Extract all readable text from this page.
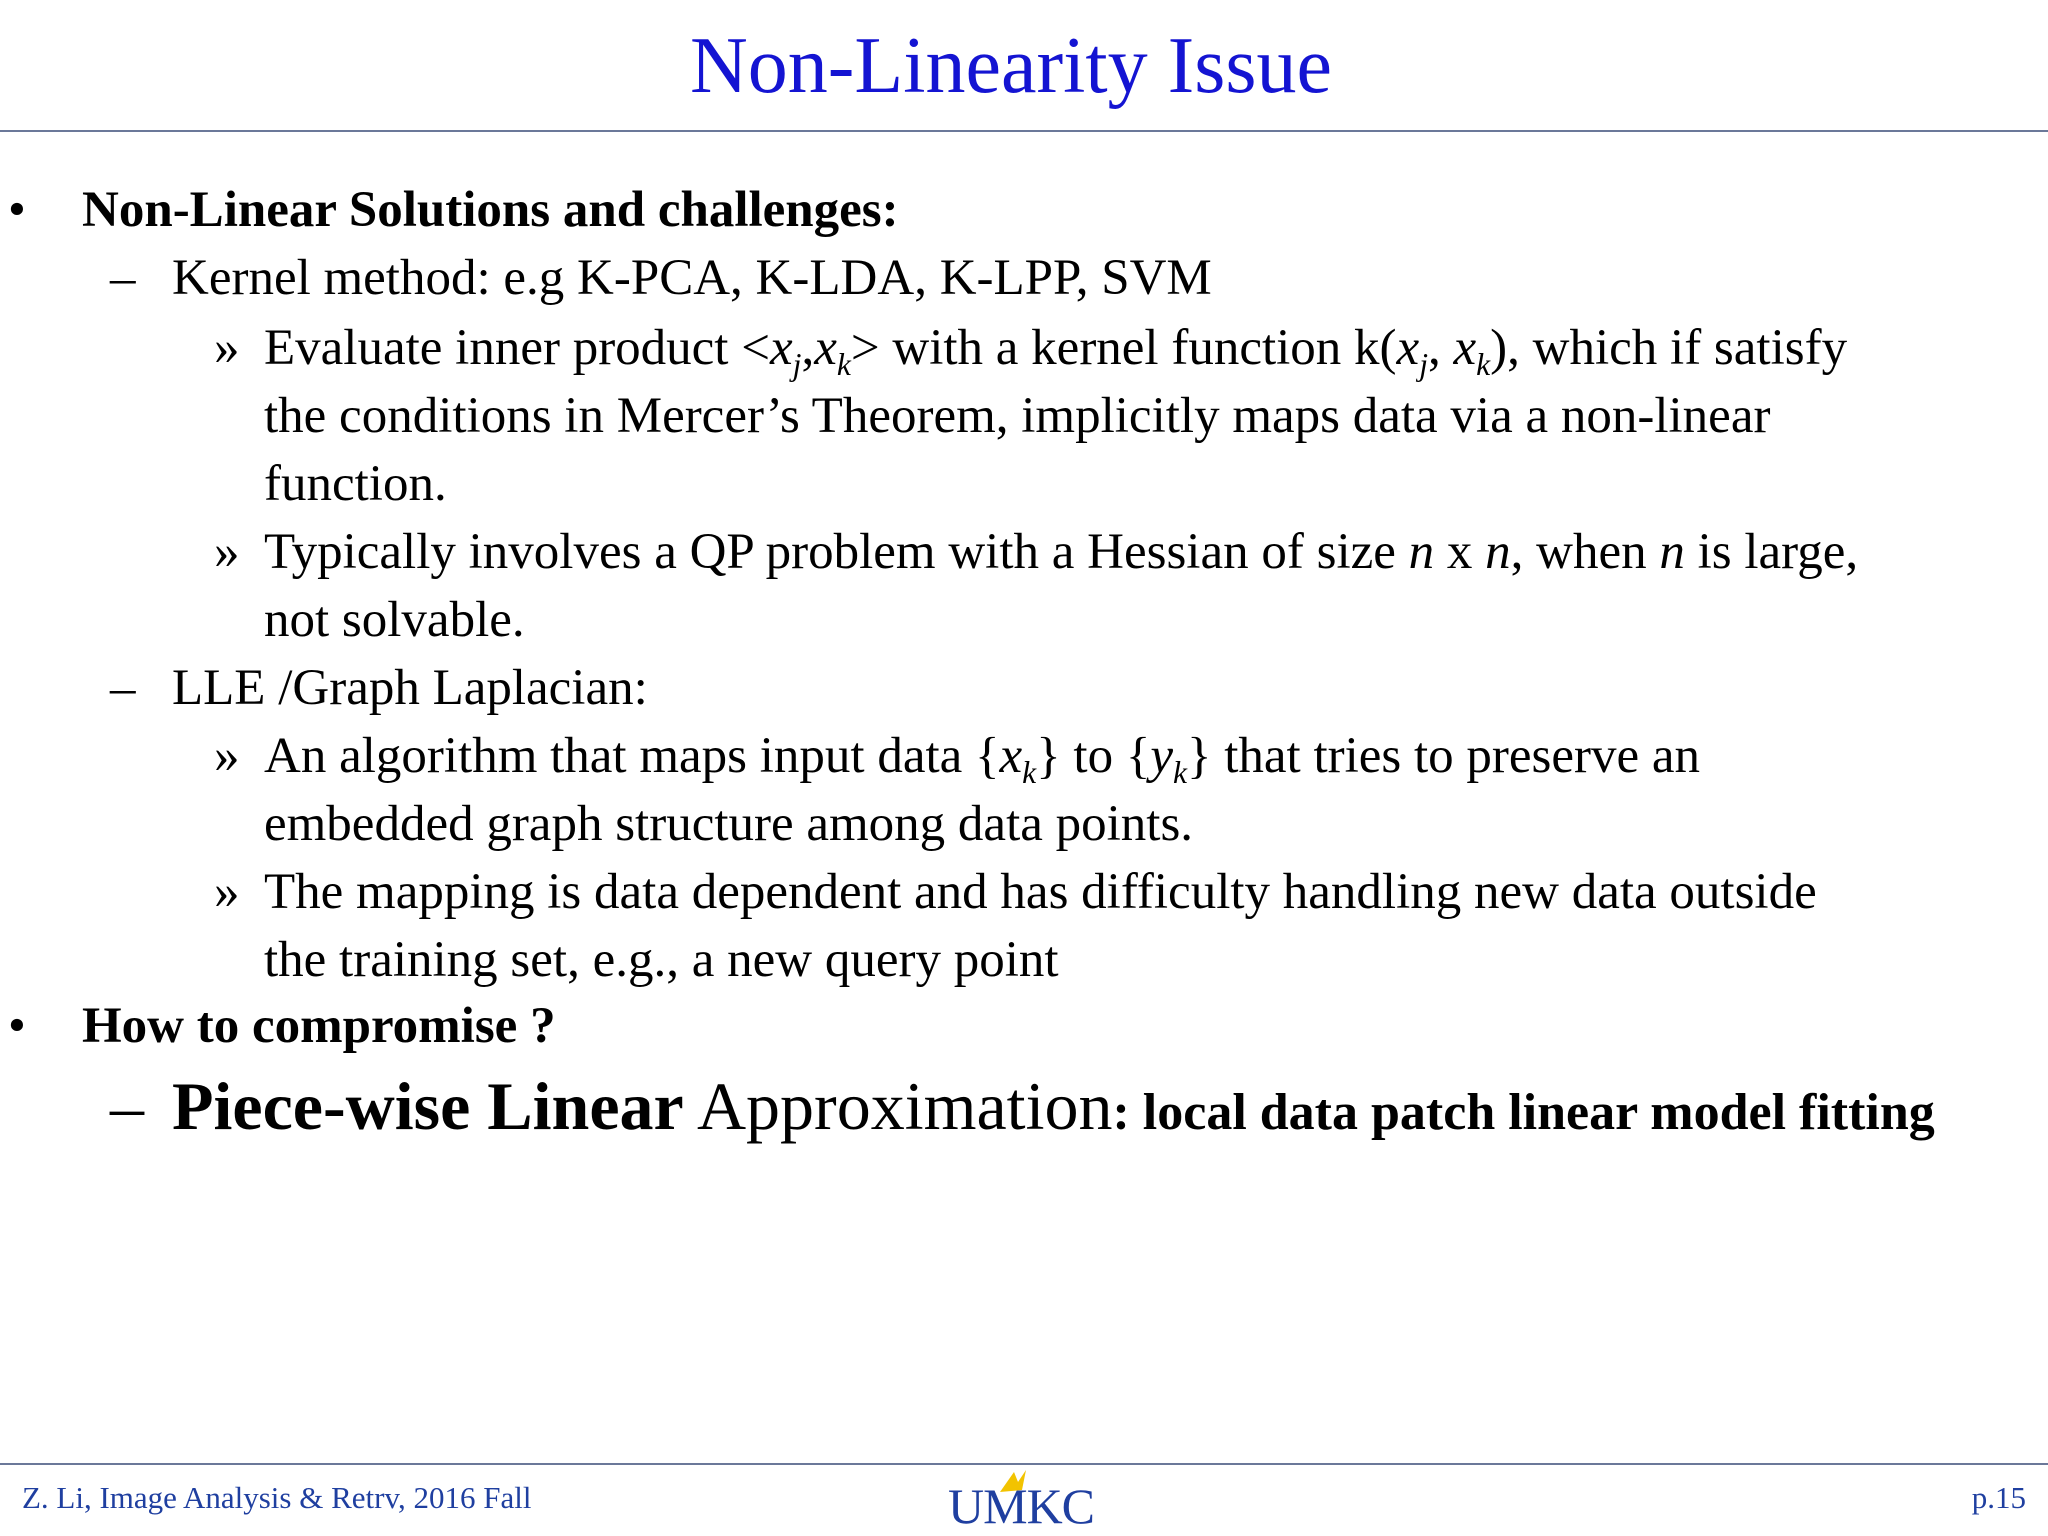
Non-Linearity Issue
• Non-Linear Solutions and challenges:
– Kernel method: e.g K-PCA, K-LDA, K-LPP, SVM
» Evaluate inner product $<x_j,x_k>$ with a kernel function $k(x_j$, $x_k$), which if satisfy
the conditions in Mercer’s Theorem, implicitly maps data via a non-linear
function.
» Typically involves a QP problem with a Hessian of size n x n, when n is large,
not solvable.
– LLE /Graph Laplacian:
» An algorithm that maps input data $\{x_k\}$ to $\{y_k\}$ that tries to preserve an
embedded graph structure among data points.
» The mapping is data dependent and has difficulty handling new data outside
the training set, e.g., a new query point
• How to compromise ?
– Piece-wise Linear Approximation: local data patch linear model fitting
Z. Li, Image Analysis & Retrv, 2016 Fall	UMKC	p.15
